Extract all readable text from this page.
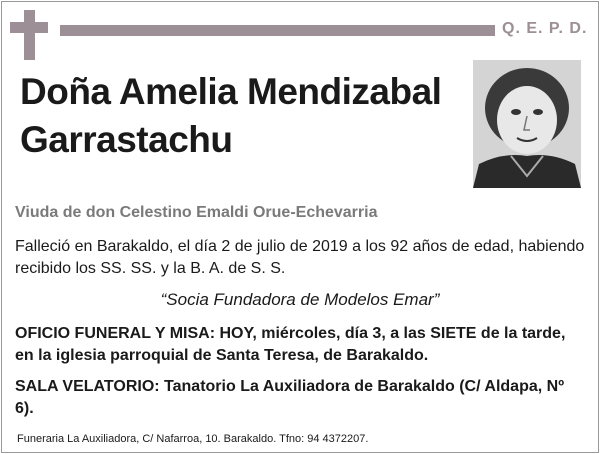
Q. E. P. D.
Doña Amelia Mendizabal Garrastachu
Viuda de don Celestino Emaldi Orue-Echevarria
Falleció en Barakaldo, el día 2 de julio de 2019 a los 92 años de edad, habiendo recibido los SS. SS. y la B. A. de S. S.
“Socia Fundadora de Modelos Emar”
OFICIO FUNERAL Y MISA: HOY, miércoles, día 3, a las SIETE de la tarde, en la iglesia parroquial de Santa Teresa, de Barakaldo.
SALA VELATORIO: Tanatorio La Auxiliadora de Barakaldo (C/ Aldapa, Nº 6).
Funeraria La Auxiliadora, C/ Nafarroa, 10. Barakaldo. Tfno: 94 4372207.
